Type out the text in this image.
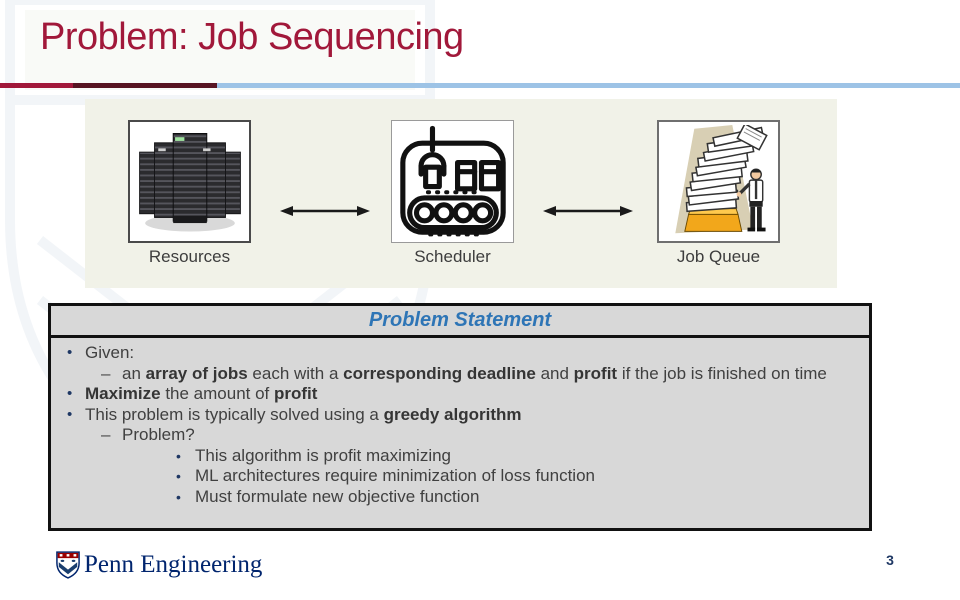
Problem: Job Sequencing
Resources	Scheduler	Job Queue
Problem Statement
• Given:
– an array of jobs each with a corresponding deadline and profit if the job is finished on time
• Maximize the amount of profit
• This problem is typically solved using a greedy algorithm
– Problem?
• This algorithm is profit maximizing
• ML architectures require minimization of loss function
• Must formulate new objective function
Penn Engineering	3
